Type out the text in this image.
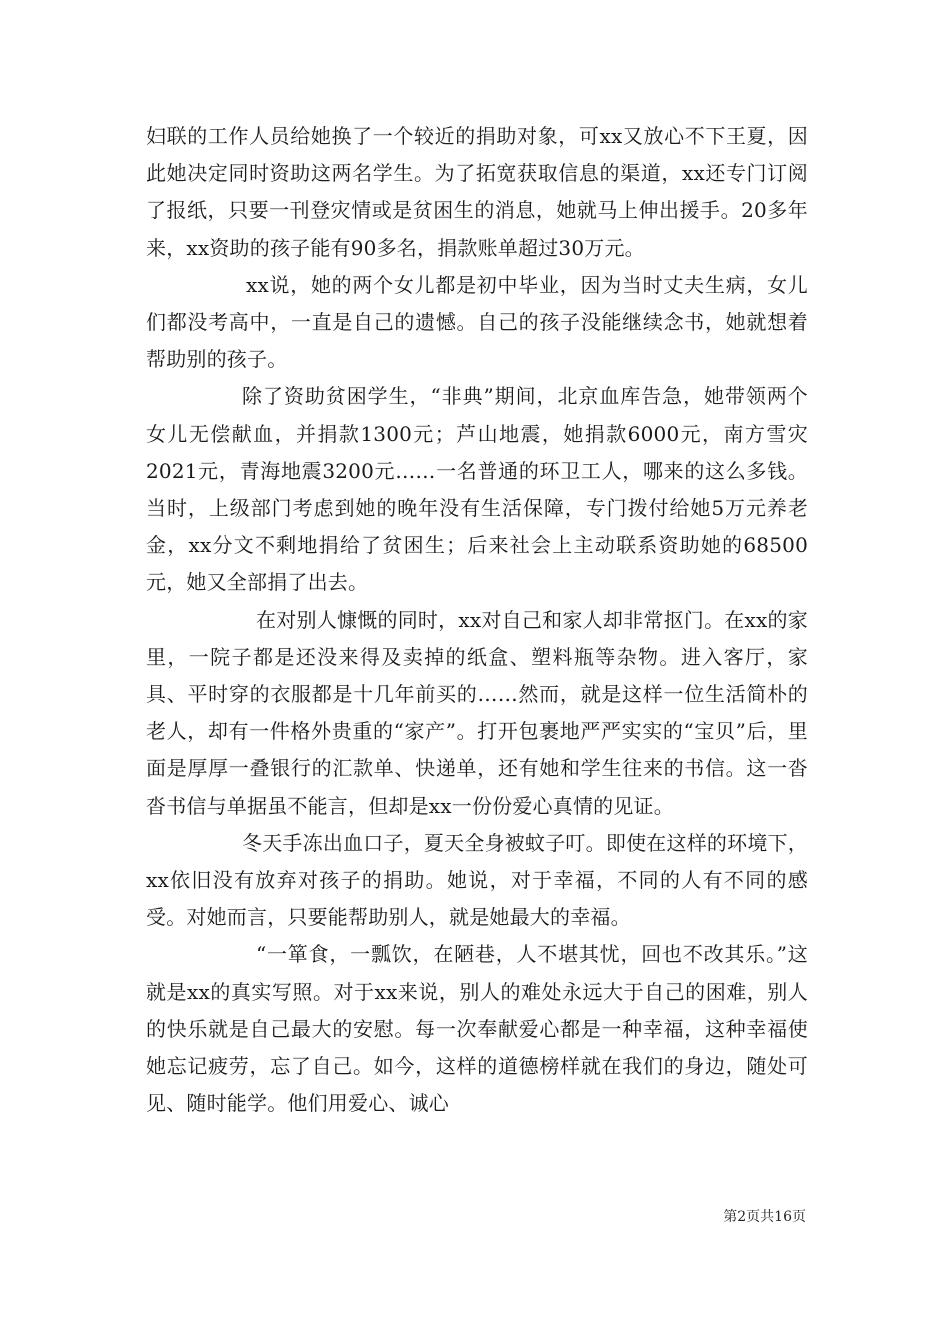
妇联的工作人员给她换了一个较近的捐助对象，可xx又放心不下王夏，因此她决定同时资助这两名学生。为了拓宽获取信息的渠道，xx还专门订阅了报纸，只要一刊登灾情或是贫困生的消息，她就马上伸出援手。20多年来，xx资助的孩子能有90多名，捐款账单超过30万元。

xx说，她的两个女儿都是初中毕业，因为当时丈夫生病，女儿们都没考高中，一直是自己的遗憾。自己的孩子没能继续念书，她就想着帮助别的孩子。

除了资助贫困学生，“非典”期间，北京血库告急，她带领两个女儿无偿献血，并捐款1300元；芦山地震，她捐款6000元，南方雪灾2021元，青海地震3200元……一名普通的环卫工人，哪来的这么多钱。当时，上级部门考虑到她的晚年没有生活保障，专门拨付给她5万元养老金，xx分文不剩地捐给了贫困生；后来社会上主动联系资助她的68500元，她又全部捐了出去。

在对别人慷慨的同时，xx对自己和家人却非常抠门。在xx的家里，一院子都是还没来得及卖掉的纸盒、塑料瓶等杂物。进入客厅，家具、平时穿的衣服都是十几年前买的……然而，就是这样一位生活简朴的老人，却有一件格外贵重的“家产”。打开包裹地严严实实的“宝贝”后，里面是厚厚一叠银行的汇款单、快递单，还有她和学生往来的书信。这一沓沓书信与单据虽不能言，但却是xx一份份爱心真情的见证。

冬天手冻出血口子，夏天全身被蚊子叮。即使在这样的环境下，xx依旧没有放弃对孩子的捐助。她说，对于幸福，不同的人有不同的感受。对她而言，只要能帮助别人，就是她最大的幸福。

“一箪食，一瓢饮，在陋巷，人不堪其忧，回也不改其乐。”这就是xx的真实写照。对于xx来说，别人的难处永远大于自己的困难，别人的快乐就是自己最大的安慰。每一次奉献爱心都是一种幸福，这种幸福使她忘记疲劳，忘了自己。如今，这样的道德榜样就在我们的身边，随处可见、随时能学。他们用爱心、诚心

第2页共16页
